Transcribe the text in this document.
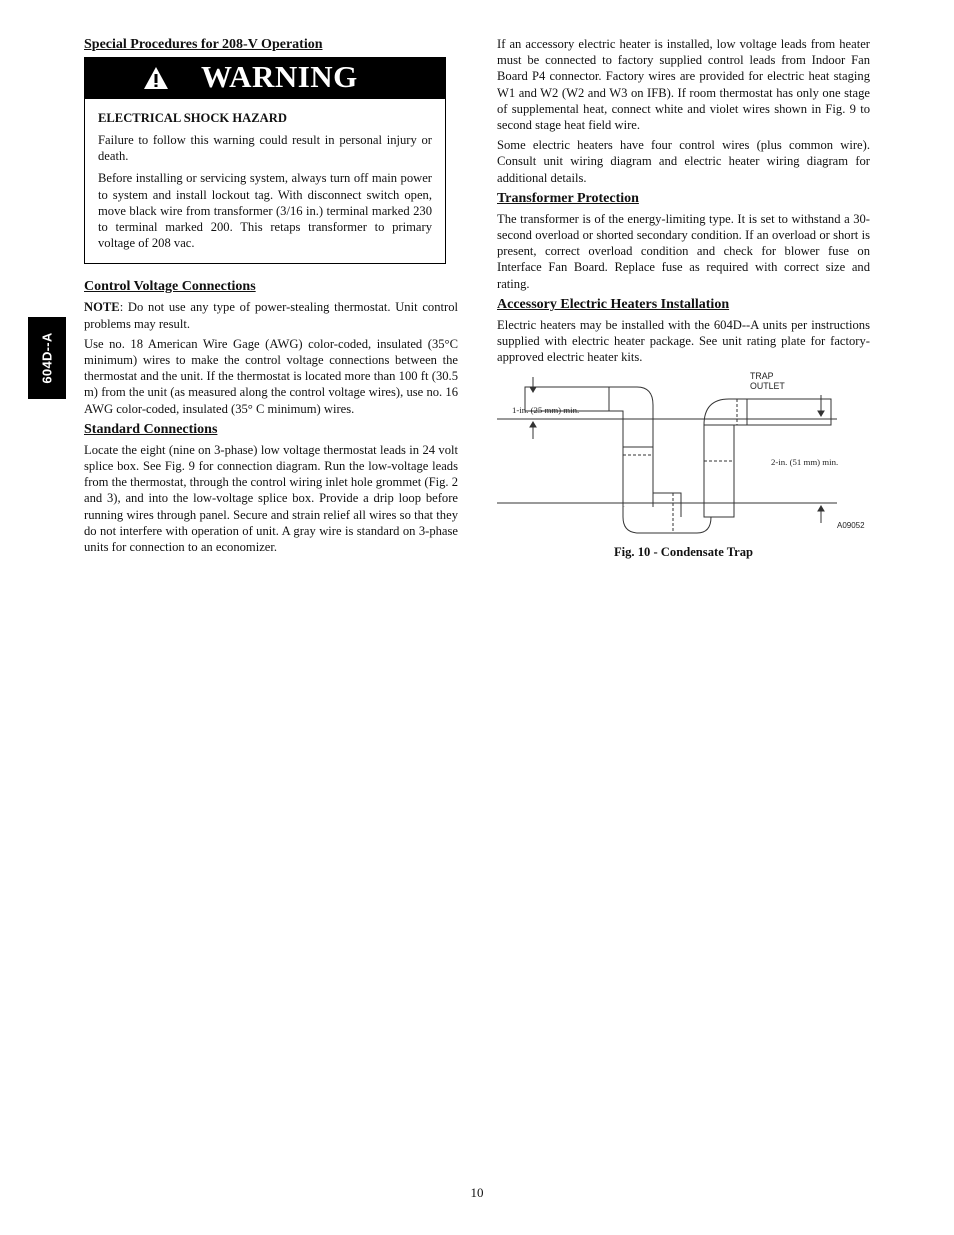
604D--A
Special Procedures for 208-V Operation
WARNING
ELECTRICAL SHOCK HAZARD

Failure to follow this warning could result in personal injury or death.

Before installing or servicing system, always turn off main power to system and install lockout tag. With disconnect switch open, move black wire from transformer (3/16 in.) terminal marked 230 to terminal marked 200. This retaps transformer to primary voltage of 208 vac.

Control Voltage Connections

NOTE: Do not use any type of power-stealing thermostat. Unit control problems may result.

Use no. 18 American Wire Gage (AWG) color-coded, insulated (35°C minimum) wires to make the control voltage connections between the thermostat and the unit. If the thermostat is located more than 100 ft (30.5 m) from the unit (as measured along the control voltage wires), use no. 16 AWG color-coded, insulated (35° C minimum) wires.

Standard Connections

Locate the eight (nine on 3-phase) low voltage thermostat leads in 24 volt splice box. See Fig. 9 for connection diagram. Run the low-voltage leads from the thermostat, through the control wiring inlet hole grommet (Fig. 2 and 3), and into the low-voltage splice box. Provide a drip loop before running wires through panel. Secure and strain relief all wires so that they do not interfere with operation of unit. A gray wire is standard on 3-phase units for connection to an economizer.

If an accessory electric heater is installed, low voltage leads from heater must be connected to factory supplied control leads from Indoor Fan Board P4 connector. Factory wires are provided for electric heat staging W1 and W2 (W2 and W3 on IFB). If room thermostat has only one stage of supplemental heat, connect white and violet wires shown in Fig. 9 to second stage heat field wire.

Some electric heaters have four control wires (plus common wire). Consult unit wiring diagram and electric heater wiring diagram for additional details.

Transformer Protection

The transformer is of the energy-limiting type. It is set to withstand a 30-second overload or shorted secondary condition. If an overload or short is present, correct overload condition and check for blower fuse on Interface Fan Board. Replace fuse as required with correct size and rating.

Accessory Electric Heaters Installation

Electric heaters may be installed with the 604D--A units per instructions supplied with electric heater package. See unit rating plate for factory-approved electric heater kits.

TRAP
OUTLET
1-in. (25 mm) min.
2-in. (51 mm) min.
A09052
Fig. 10 - Condensate Trap
10
